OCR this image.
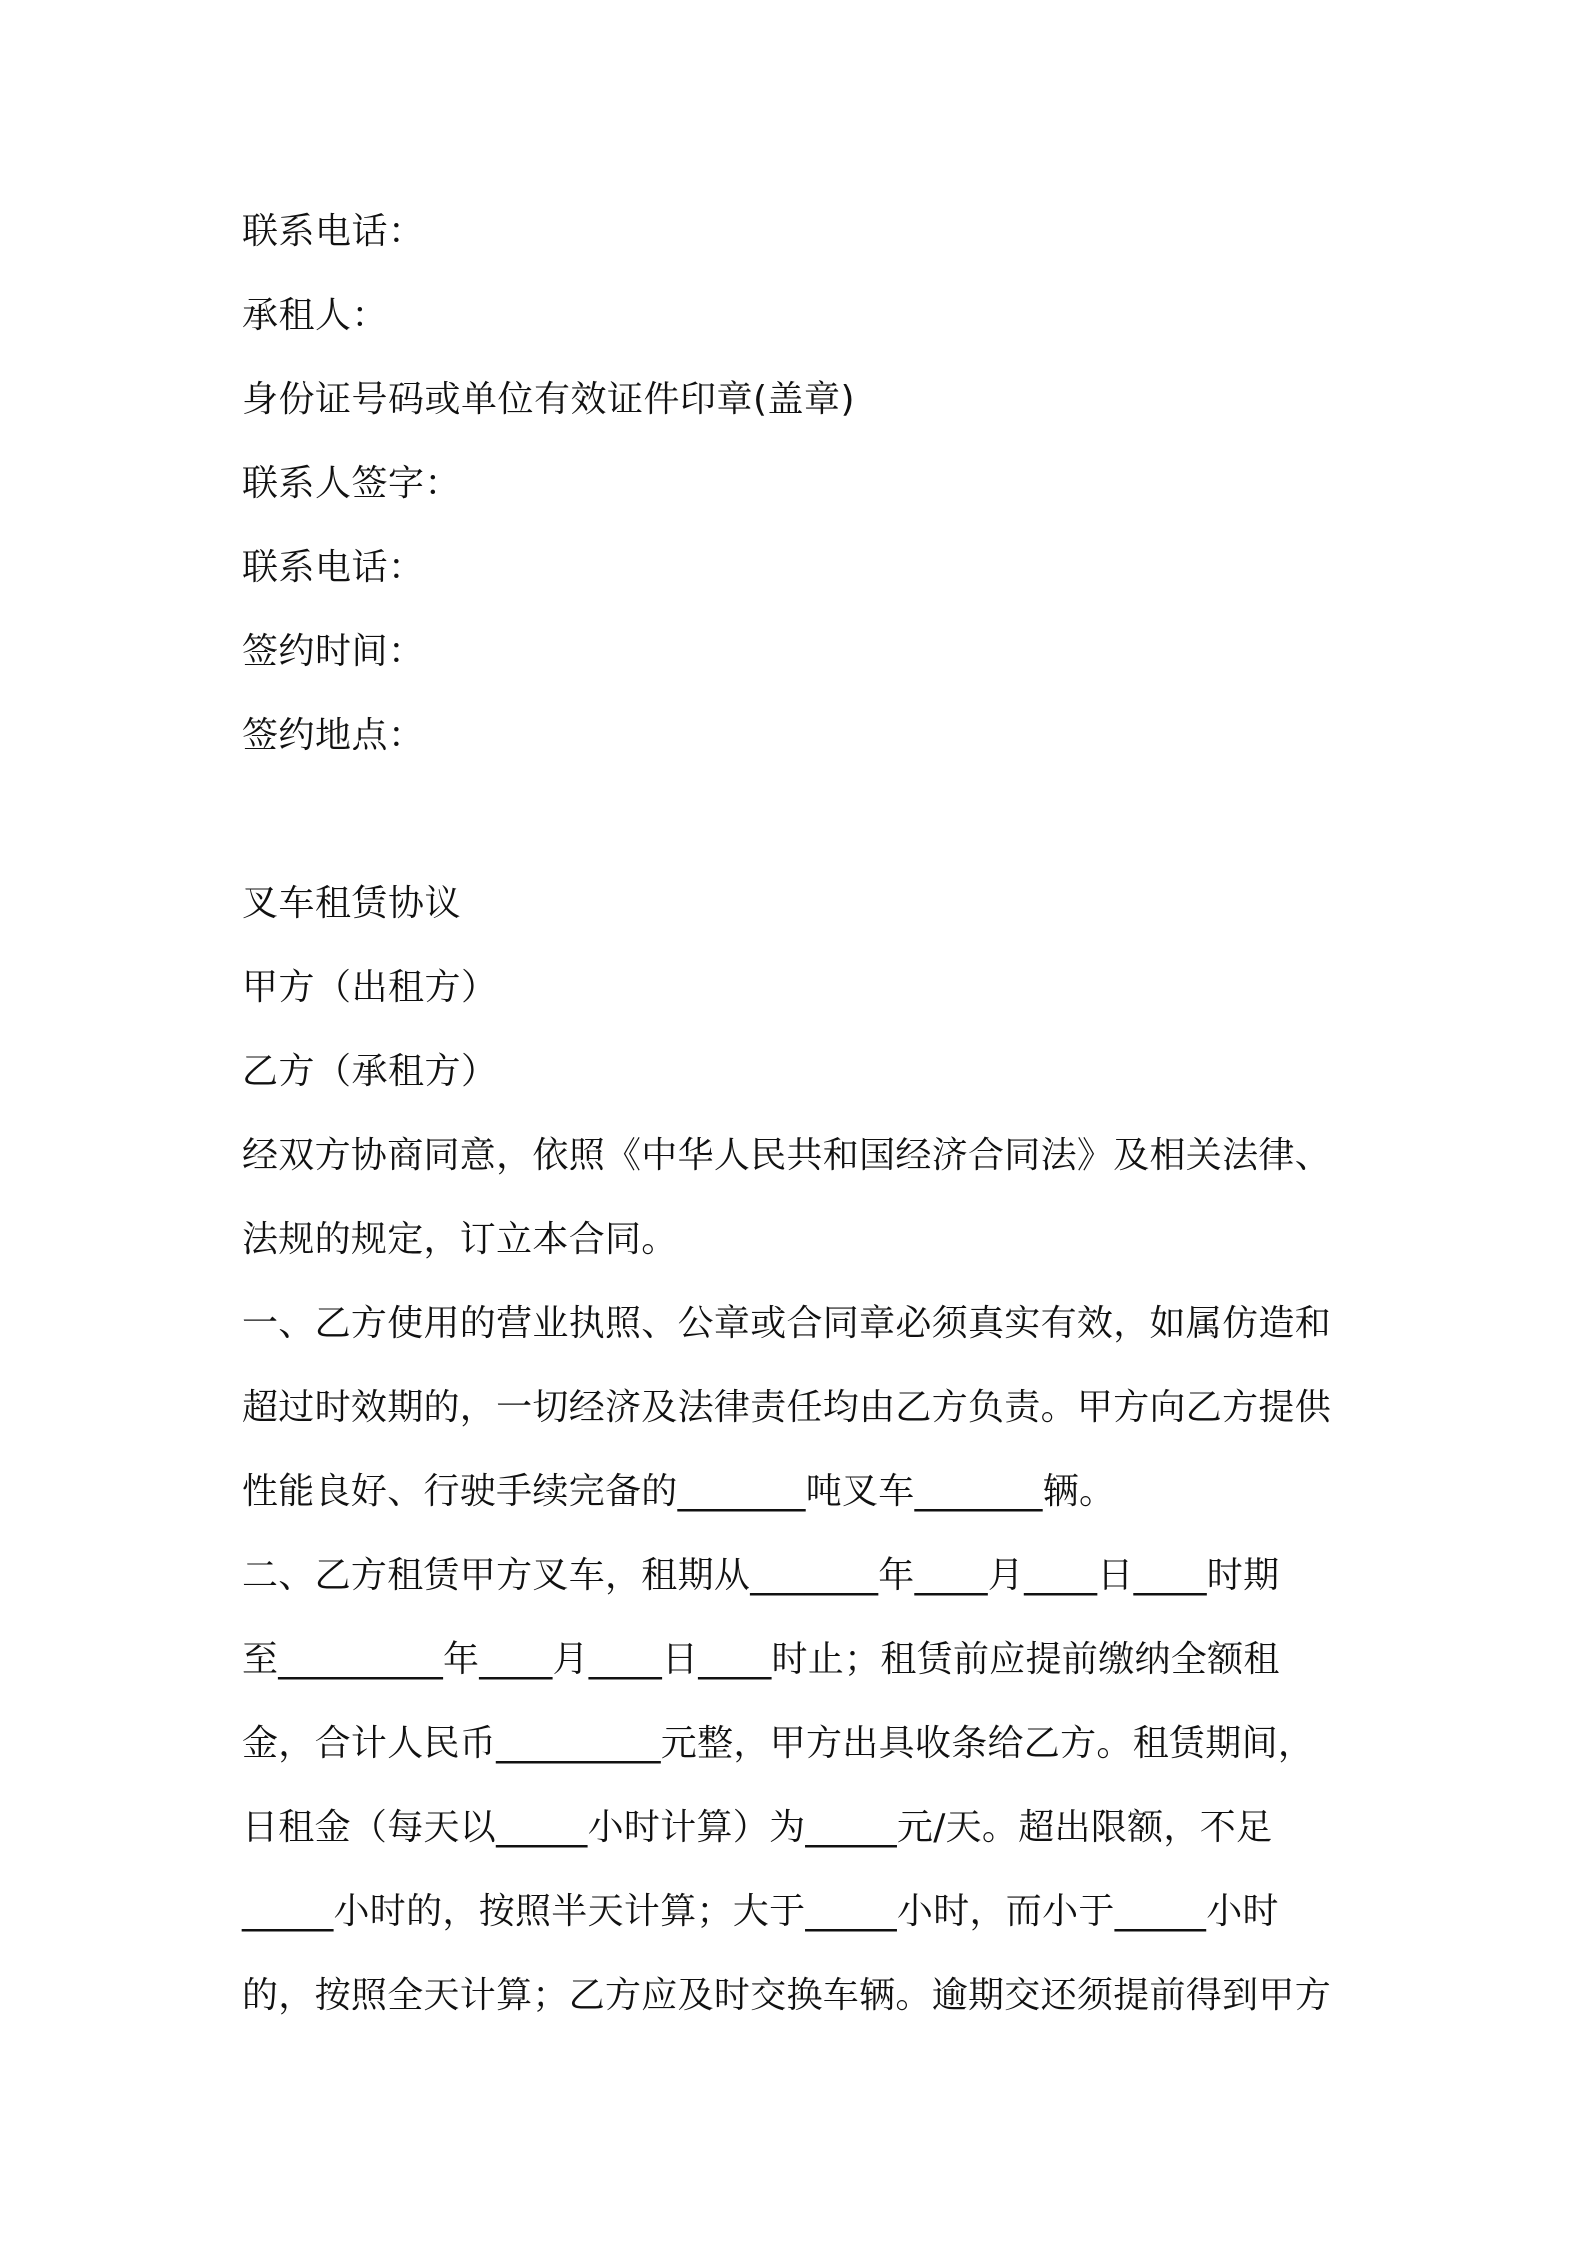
联系电话：
承租人：
身份证号码或单位有效证件印章(盖章)
联系人签字：
联系电话：
签约时间：
签约地点：
叉车租赁协议
甲方（出租方）
乙方（承租方）
经双方协商同意，依照《中华人民共和国经济合同法》及相关法律、
法规的规定，订立本合同。
一、乙方使用的营业执照、公章或合同章必须真实有效，如属仿造和
超过时效期的，一切经济及法律责任均由乙方负责。甲方向乙方提供
性能良好、行驶手续完备的_______吨叉车_______辆。
二、乙方租赁甲方叉车，租期从_______年____月____日____时期
至_________年____月____日____时止；租赁前应提前缴纳全额租
金，合计人民币_________元整，甲方出具收条给乙方。租赁期间，
日租金（每天以_____小时计算）为_____元/天。超出限额，不足
_____小时的，按照半天计算；大于_____小时，而小于_____小时
的，按照全天计算；乙方应及时交换车辆。逾期交还须提前得到甲方
